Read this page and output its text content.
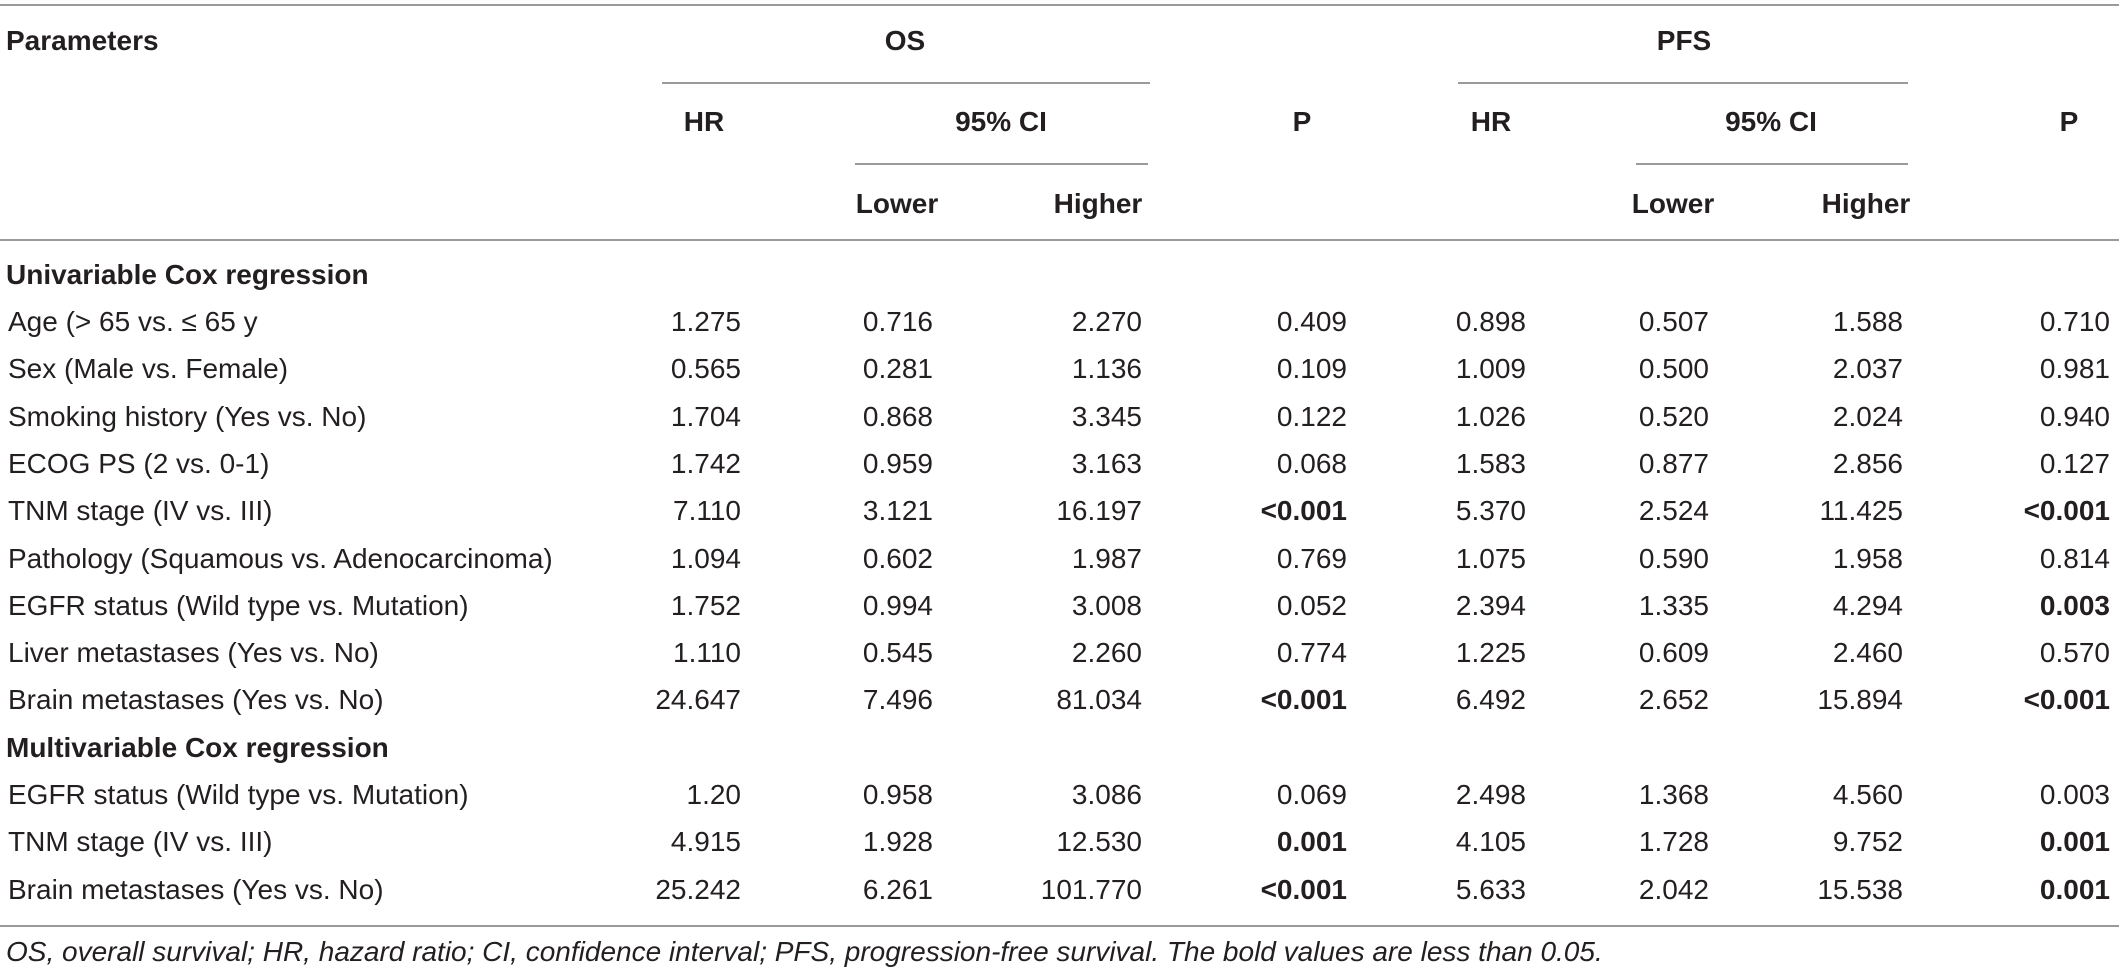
Parameters	OS	PFS
HR	95% CI	P	HR	95% CI	P
Lower	Higher	Lower	Higher
Univariable Cox regression
Age (> 65 vs. ≤ 65 y	1.275	0.716	2.270	0.409	0.898	0.507	1.588	0.710
Sex (Male vs. Female)	0.565	0.281	1.136	0.109	1.009	0.500	2.037	0.981
Smoking history (Yes vs. No)	1.704	0.868	3.345	0.122	1.026	0.520	2.024	0.940
ECOG PS (2 vs. 0-1)	1.742	0.959	3.163	0.068	1.583	0.877	2.856	0.127
TNM stage (IV vs. III)	7.110	3.121	16.197	<0.001	5.370	2.524	11.425	<0.001
Pathology (Squamous vs. Adenocarcinoma)	1.094	0.602	1.987	0.769	1.075	0.590	1.958	0.814
EGFR status (Wild type vs. Mutation)	1.752	0.994	3.008	0.052	2.394	1.335	4.294	0.003
Liver metastases (Yes vs. No)	1.110	0.545	2.260	0.774	1.225	0.609	2.460	0.570
Brain metastases (Yes vs. No)	24.647	7.496	81.034	<0.001	6.492	2.652	15.894	<0.001
Multivariable Cox regression
EGFR status (Wild type vs. Mutation)	1.20	0.958	3.086	0.069	2.498	1.368	4.560	0.003
TNM stage (IV vs. III)	4.915	1.928	12.530	0.001	4.105	1.728	9.752	0.001
Brain metastases (Yes vs. No)	25.242	6.261	101.770	<0.001	5.633	2.042	15.538	0.001
OS, overall survival; HR, hazard ratio; CI, confidence interval; PFS, progression-free survival. The bold values are less than 0.05.
